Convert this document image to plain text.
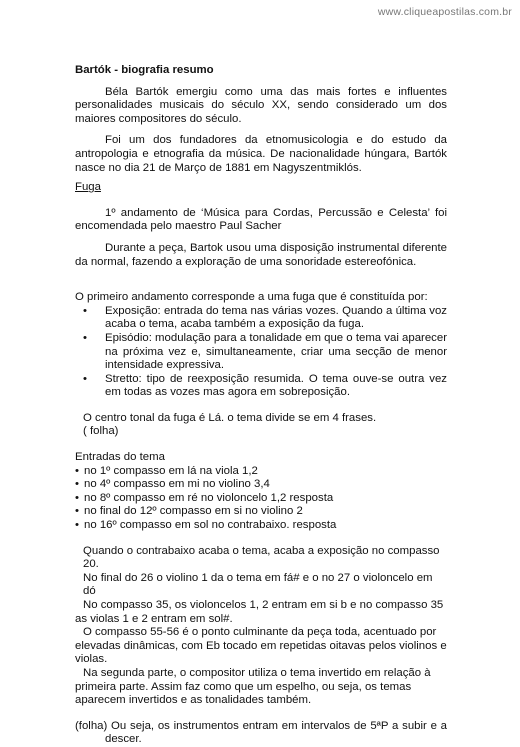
www.cliqueapostilas.com.br

Bartók - biografia resumo

Béla Bartók emergiu como uma das mais fortes e influentes personalidades musicais do século XX, sendo considerado um dos maiores compositores do século.

Foi um dos fundadores da etnomusicologia e do estudo da antropologia e etnografia da música. De nacionalidade húngara, Bartók nasce no dia 21 de Março de 1881 em Nagyszentmiklós.

Fuga

1º andamento de ‘Música para Cordas, Percussão e Celesta’ foi encomendada pelo maestro Paul Sacher

Durante a peça, Bartok usou uma disposição instrumental diferente da normal, fazendo a exploração de uma sonoridade estereofónica.

O primeiro andamento corresponde a uma fuga que é constituída por:

• Exposição: entrada do tema nas várias vozes. Quando a última voz acaba o tema, acaba também a exposição da fuga.
• Episódio: modulação para a tonalidade em que o tema vai aparecer na próxima vez e, simultaneamente, criar uma secção de menor intensidade expressiva.
• Stretto: tipo de reexposição resumida. O tema ouve-se outra vez em todas as vozes mas agora em sobreposição.

O centro tonal da fuga é Lá. o tema divide se em 4 frases.

( folha)

Entradas do tema

• no 1º compasso em lá na viola 1,2
• no 4º compasso em mi no violino 3,4
• no 8º compasso em ré no violoncelo 1,2 resposta
• no final do 12º compasso em si no violino 2
• no 16º compasso em sol no contrabaixo. resposta

Quando o contrabaixo acaba o tema, acaba a exposição no compasso 20.

No final do 26 o violino 1 da o tema em fá# e o no 27 o violoncelo em dó

No compasso 35, os violoncelos 1, 2 entram em si b e no compasso 35 as violas 1 e 2 entram em sol#.

O compasso 55-56 é o ponto culminante da peça toda, acentuado por elevadas dinâmicas, com Eb tocado em repetidas oitavas pelos violinos e violas.

Na segunda parte, o compositor utiliza o tema invertido em relação à primeira parte. Assim faz como que um espelho, ou seja, os temas aparecem invertidos e as tonalidades também.

(folha) Ou seja, os instrumentos entram em intervalos de 5ªP a subir e a descer.
